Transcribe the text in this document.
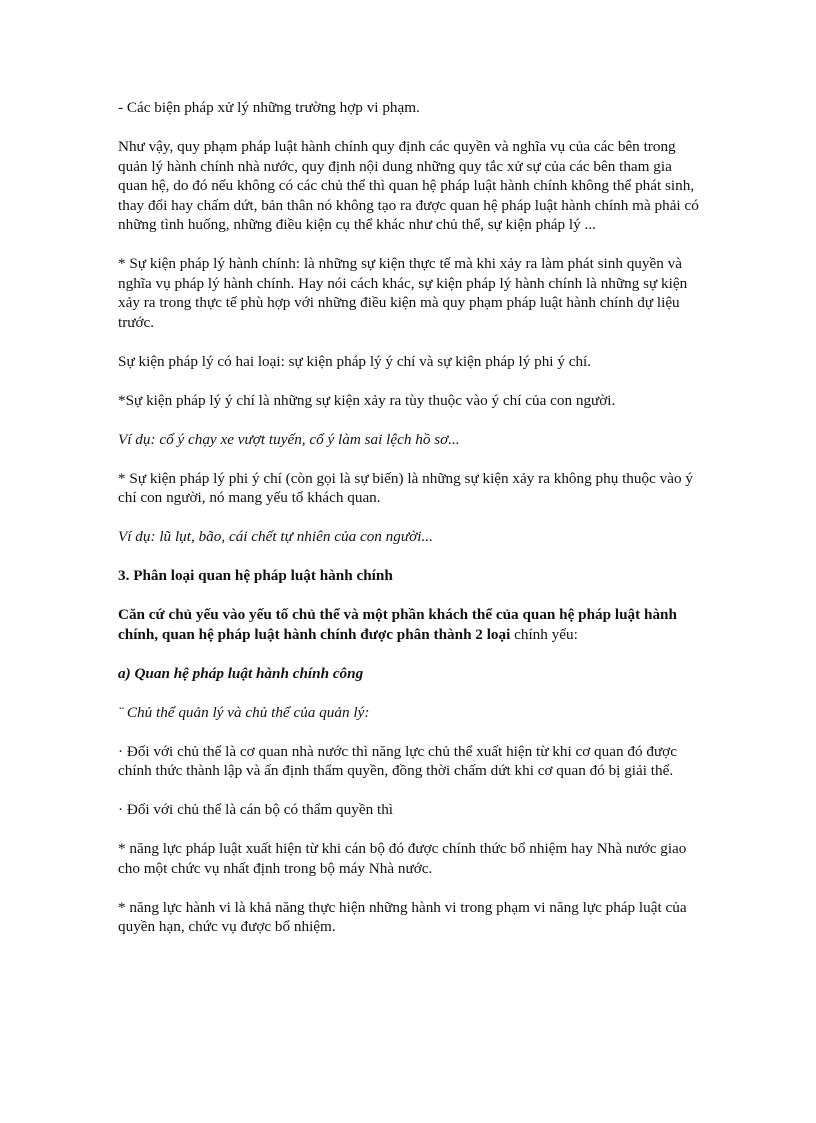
- Các biện pháp xử lý những trường hợp vi phạm.

Như vậy, quy phạm pháp luật hành chính quy định các quyền và nghĩa vụ của các bên trong quản lý hành chính nhà nước, quy định nội dung những quy tắc xử sự của các bên tham gia quan hệ, do đó nếu không có các chủ thể thì quan hệ pháp luật hành chính không thể phát sinh, thay đổi hay chấm dứt, bản thân nó không tạo ra được quan hệ pháp luật hành chính mà phải có những tình huống, những điều kiện cụ thể khác như chủ thể, sự kiện pháp lý ...

* Sự kiện pháp lý hành chính: là những sự kiện thực tế mà khi xảy ra làm phát sinh quyền và nghĩa vụ pháp lý hành chính. Hay nói cách khác, sự kiện pháp lý hành chính là những sự kiện xảy ra trong thực tế phù hợp với những điều kiện mà quy phạm pháp luật hành chính dự liệu trước.

Sự kiện pháp lý có hai loại: sự kiện pháp lý ý chí và sự kiện pháp lý phi ý chí.

*Sự kiện pháp lý ý chí là những sự kiện xảy ra tùy thuộc vào ý chí của con người.

Ví dụ: cố ý chạy xe vượt tuyến, cố ý làm sai lệch hồ sơ...

* Sự kiện pháp lý phi ý chí (còn gọi là sự biến) là những sự kiện xảy ra không phụ thuộc vào ý chí con người, nó mang yếu tố khách quan.

Ví dụ: lũ lụt, bão, cái chết tự nhiên của con người...

3. Phân loại quan hệ pháp luật hành chính

Căn cứ chủ yếu vào yếu tố chủ thể và một phần khách thể của quan hệ pháp luật hành chính, quan hệ pháp luật hành chính được phân thành 2 loại chính yếu:

a) Quan hệ pháp luật hành chính công

¨ Chủ thể quản lý và chủ thể của quản lý:

· Đối với chủ thể là cơ quan nhà nước thì năng lực chủ thể xuất hiện từ khi cơ quan đó được chính thức thành lập và ấn định thẩm quyền, đồng thời chấm dứt khi cơ quan đó bị giải thể.

· Đối với chủ thể là cán bộ có thẩm quyền thì

* năng lực pháp luật xuất hiện từ khi cán bộ đó được chính thức bổ nhiệm hay Nhà nước giao cho một chức vụ nhất định trong bộ máy Nhà nước.

* năng lực hành vi là khả năng thực hiện những hành vi trong phạm vi năng lực pháp luật của quyền hạn, chức vụ được bổ nhiệm.
